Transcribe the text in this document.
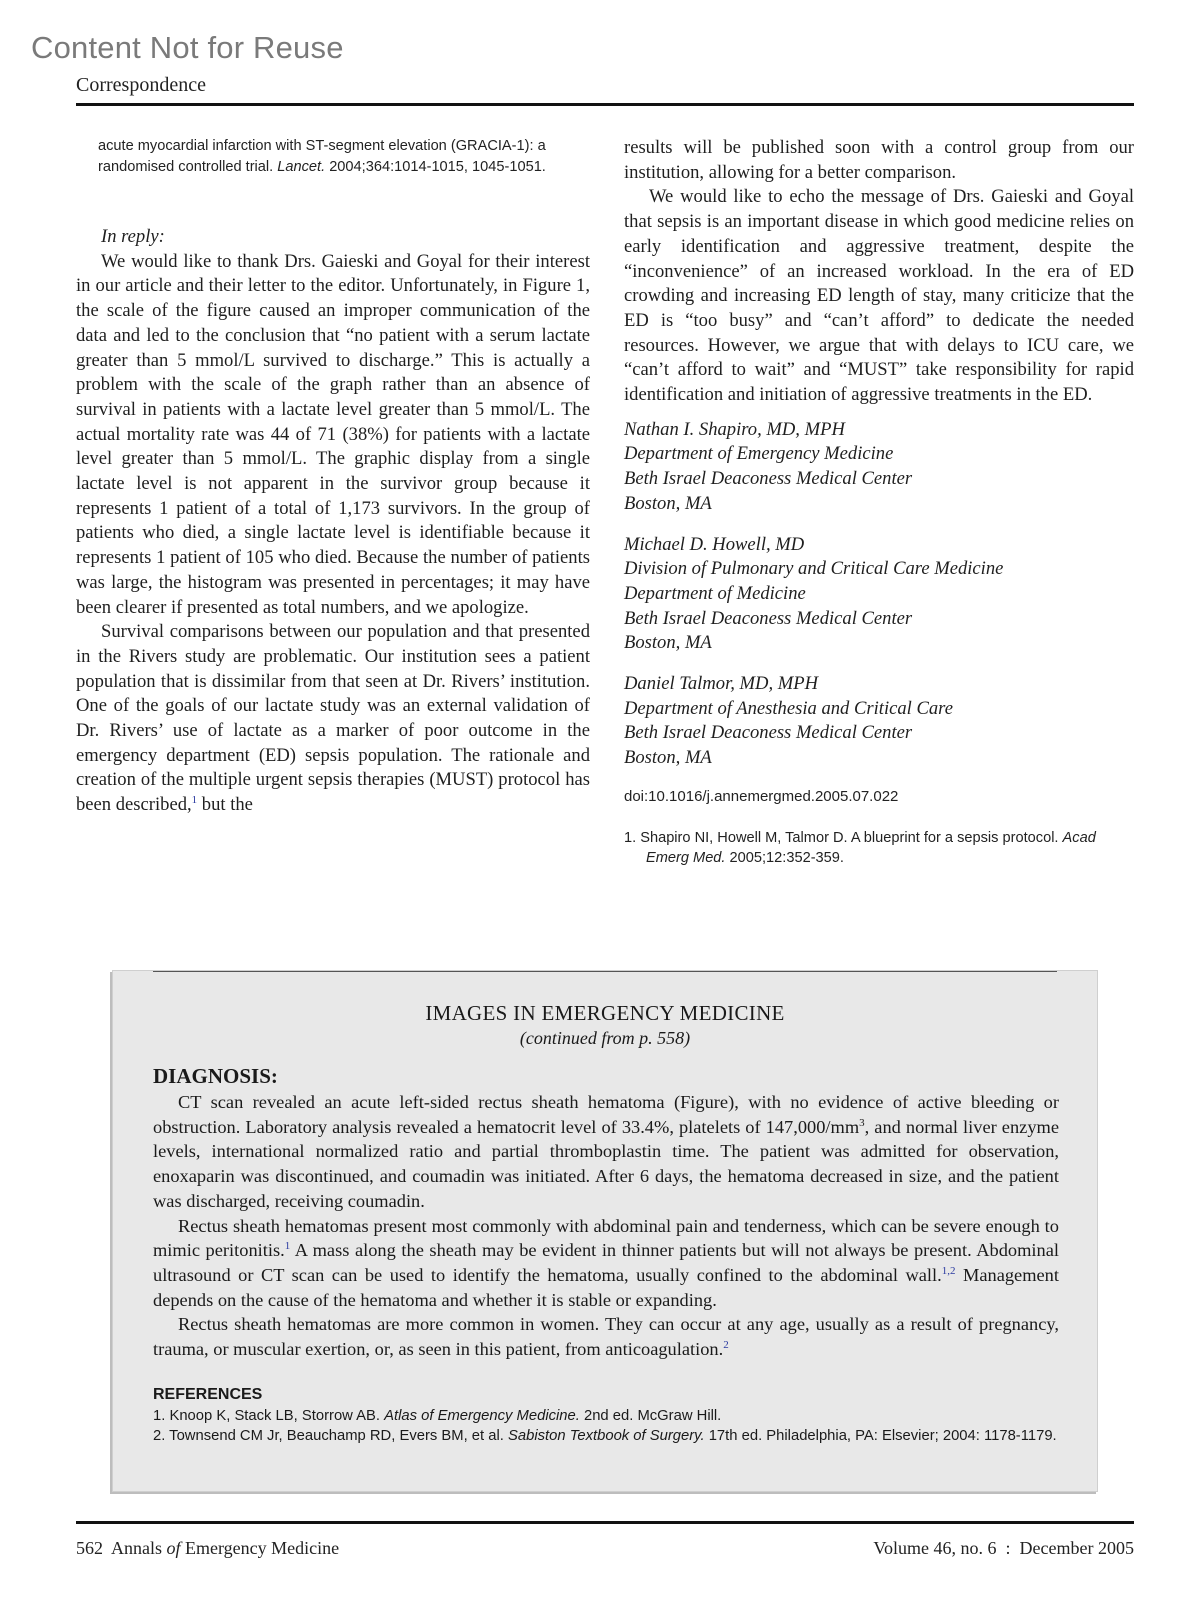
Content Not for Reuse
Correspondence

acute myocardial infarction with ST-segment elevation (GRACIA-1): a randomised controlled trial. Lancet. 2004;364:1014-1015, 1045-1051.

In reply:

We would like to thank Drs. Gaieski and Goyal for their interest in our article and their letter to the editor. Unfortunately, in Figure 1, the scale of the figure caused an improper communication of the data and led to the conclusion that “no patient with a serum lactate greater than 5 mmol/L survived to discharge.” This is actually a problem with the scale of the graph rather than an absence of survival in patients with a lactate level greater than 5 mmol/L. The actual mortality rate was 44 of 71 (38%) for patients with a lactate level greater than 5 mmol/L. The graphic display from a single lactate level is not apparent in the survivor group because it represents 1 patient of a total of 1,173 survivors. In the group of patients who died, a single lactate level is identifiable because it represents 1 patient of 105 who died. Because the number of patients was large, the histogram was presented in percentages; it may have been clearer if presented as total numbers, and we apologize.

Survival comparisons between our population and that presented in the Rivers study are problematic. Our institution sees a patient population that is dissimilar from that seen at Dr. Rivers’ institution. One of the goals of our lactate study was an external validation of Dr. Rivers’ use of lactate as a marker of poor outcome in the emergency department (ED) sepsis population. The rationale and creation of the multiple urgent sepsis therapies (MUST) protocol has been described,$^1$ but the

results will be published soon with a control group from our institution, allowing for a better comparison.

We would like to echo the message of Drs. Gaieski and Goyal that sepsis is an important disease in which good medicine relies on early identification and aggressive treatment, despite the “inconvenience” of an increased workload. In the era of ED crowding and increasing ED length of stay, many criticize that the ED is “too busy” and “can’t afford” to dedicate the needed resources. However, we argue that with delays to ICU care, we “can’t afford to wait” and “MUST” take responsibility for rapid identification and initiation of aggressive treatments in the ED.

Nathan I. Shapiro, MD, MPH
Department of Emergency Medicine
Beth Israel Deaconess Medical Center
Boston, MA
Michael D. Howell, MD
Division of Pulmonary and Critical Care Medicine
Department of Medicine
Beth Israel Deaconess Medical Center
Boston, MA
Daniel Talmor, MD, MPH
Department of Anesthesia and Critical Care
Beth Israel Deaconess Medical Center
Boston, MA
doi:10.1016/j.annemergmed.2005.07.022
1. Shapiro NI, Howell M, Talmor D. A blueprint for a sepsis protocol. Acad Emerg Med. 2005;12:352-359.
IMAGES IN EMERGENCY MEDICINE
(continued from p. 558)
DIAGNOSIS:

CT scan revealed an acute left-sided rectus sheath hematoma (Figure), with no evidence of active bleeding or obstruction. Laboratory analysis revealed a hematocrit level of 33.4%, platelets of $147,000/mm^3$, and normal liver enzyme levels, international normalized ratio and partial thromboplastin time. The patient was admitted for observation, enoxaparin was discontinued, and coumadin was initiated. After 6 days, the hematoma decreased in size, and the patient was discharged, receiving coumadin.

Rectus sheath hematomas present most commonly with abdominal pain and tenderness, which can be severe enough to mimic peritonitis.$^1$ A mass along the sheath may be evident in thinner patients but will not always be present. Abdominal ultrasound or CT scan can be used to identify the hematoma, usually confined to the abdominal wall.$^{1,2}$ Management depends on the cause of the hematoma and whether it is stable or expanding.

Rectus sheath hematomas are more common in women. They can occur at any age, usually as a result of pregnancy, trauma, or muscular exertion, or, as seen in this patient, from anticoagulation.$^2$

REFERENCES
1. Knoop K, Stack LB, Storrow AB. Atlas of Emergency Medicine. 2nd ed. McGraw Hill.
2. Townsend CM Jr, Beauchamp RD, Evers BM, et al. Sabiston Textbook of Surgery. 17th ed. Philadelphia, PA: Elsevier; 2004: 1178-1179.
562 Annals of Emergency Medicine	Volume 46, no. 6  :  December 2005
